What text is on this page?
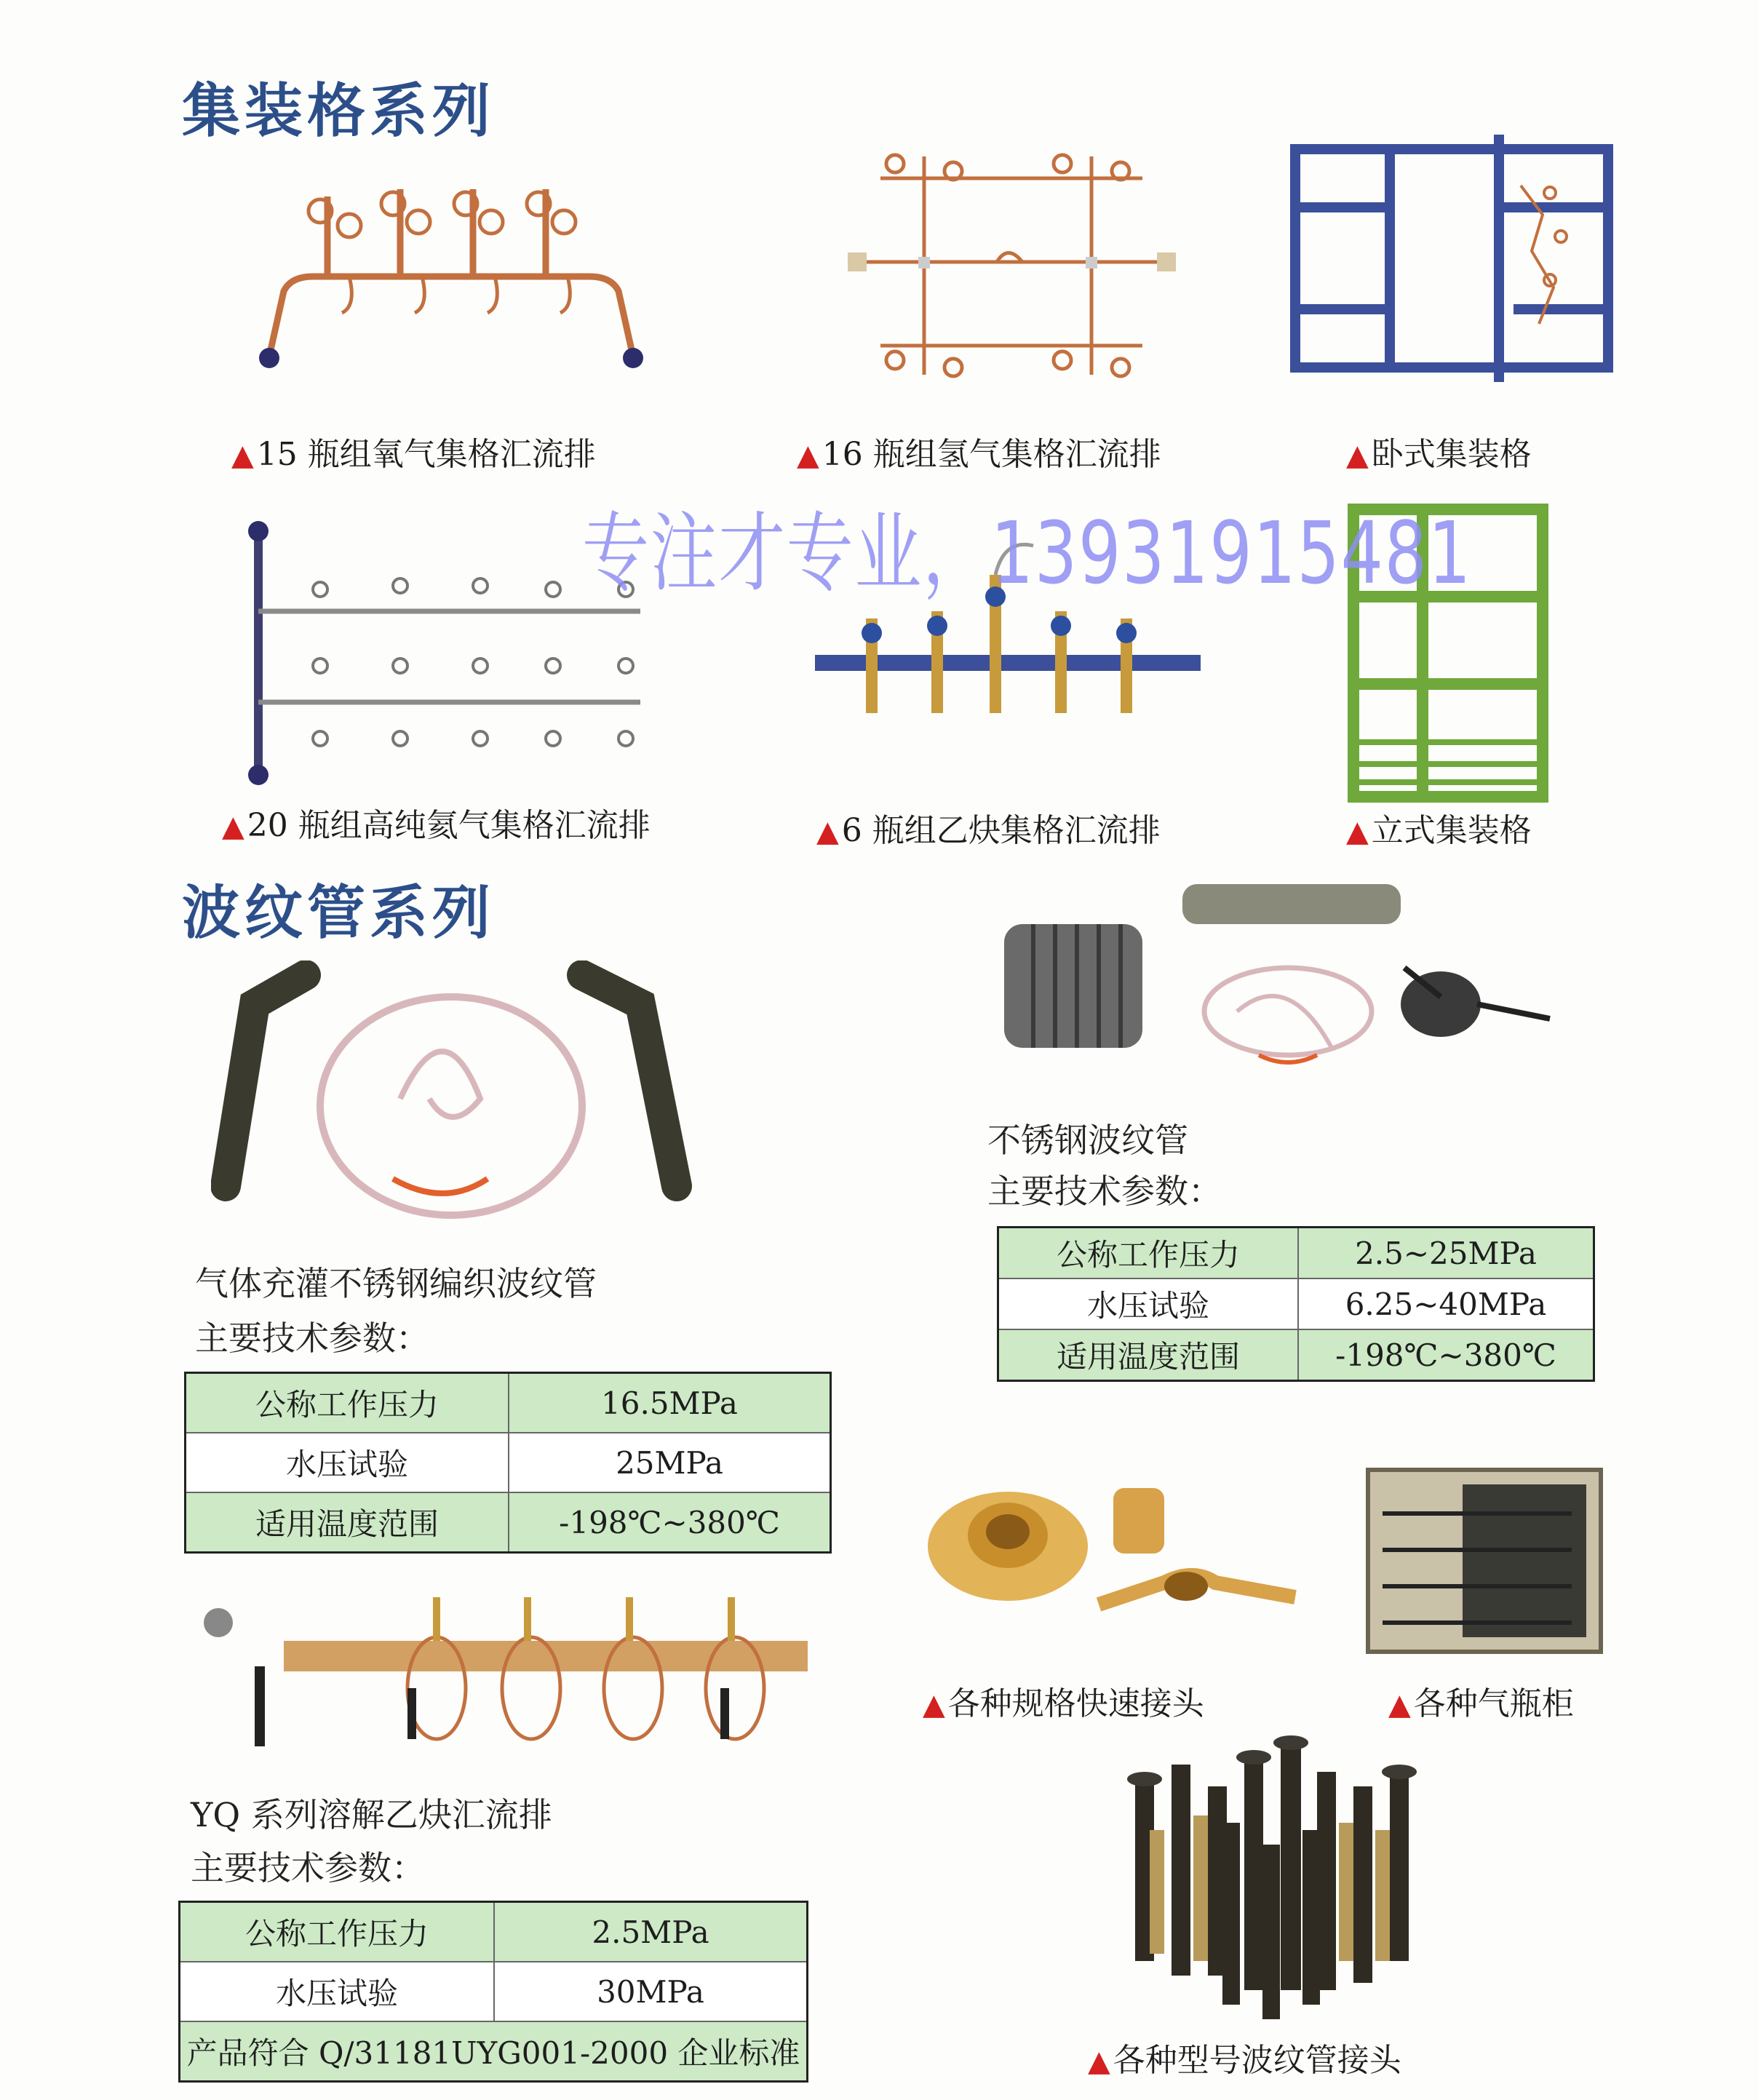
集装格系列
▲15 瓶组氧气集格汇流排	▲16 瓶组氢气集格汇流排	▲卧式集装格
专注才专业，13931915481
▲20 瓶组高纯氦气集格汇流排	▲6 瓶组乙炔集格汇流排	▲立式集装格
波纹管系列
气体充灌不锈钢编织波纹管
主要技术参数：
公称工作压力	16.5MPa
水压试验	25MPa
适用温度范围	-198℃~380℃
不锈钢波纹管
主要技术参数：
公称工作压力	2.5~25MPa
水压试验	6.25~40MPa
适用温度范围	-198℃~380℃
YQ 系列溶解乙炔汇流排
主要技术参数：
公称工作压力	2.5MPa
水压试验	30MPa
产品符合 Q/31181UYG001-2000 企业标准	
▲各种规格快速接头	▲各种气瓶柜
▲各种型号波纹管接头
